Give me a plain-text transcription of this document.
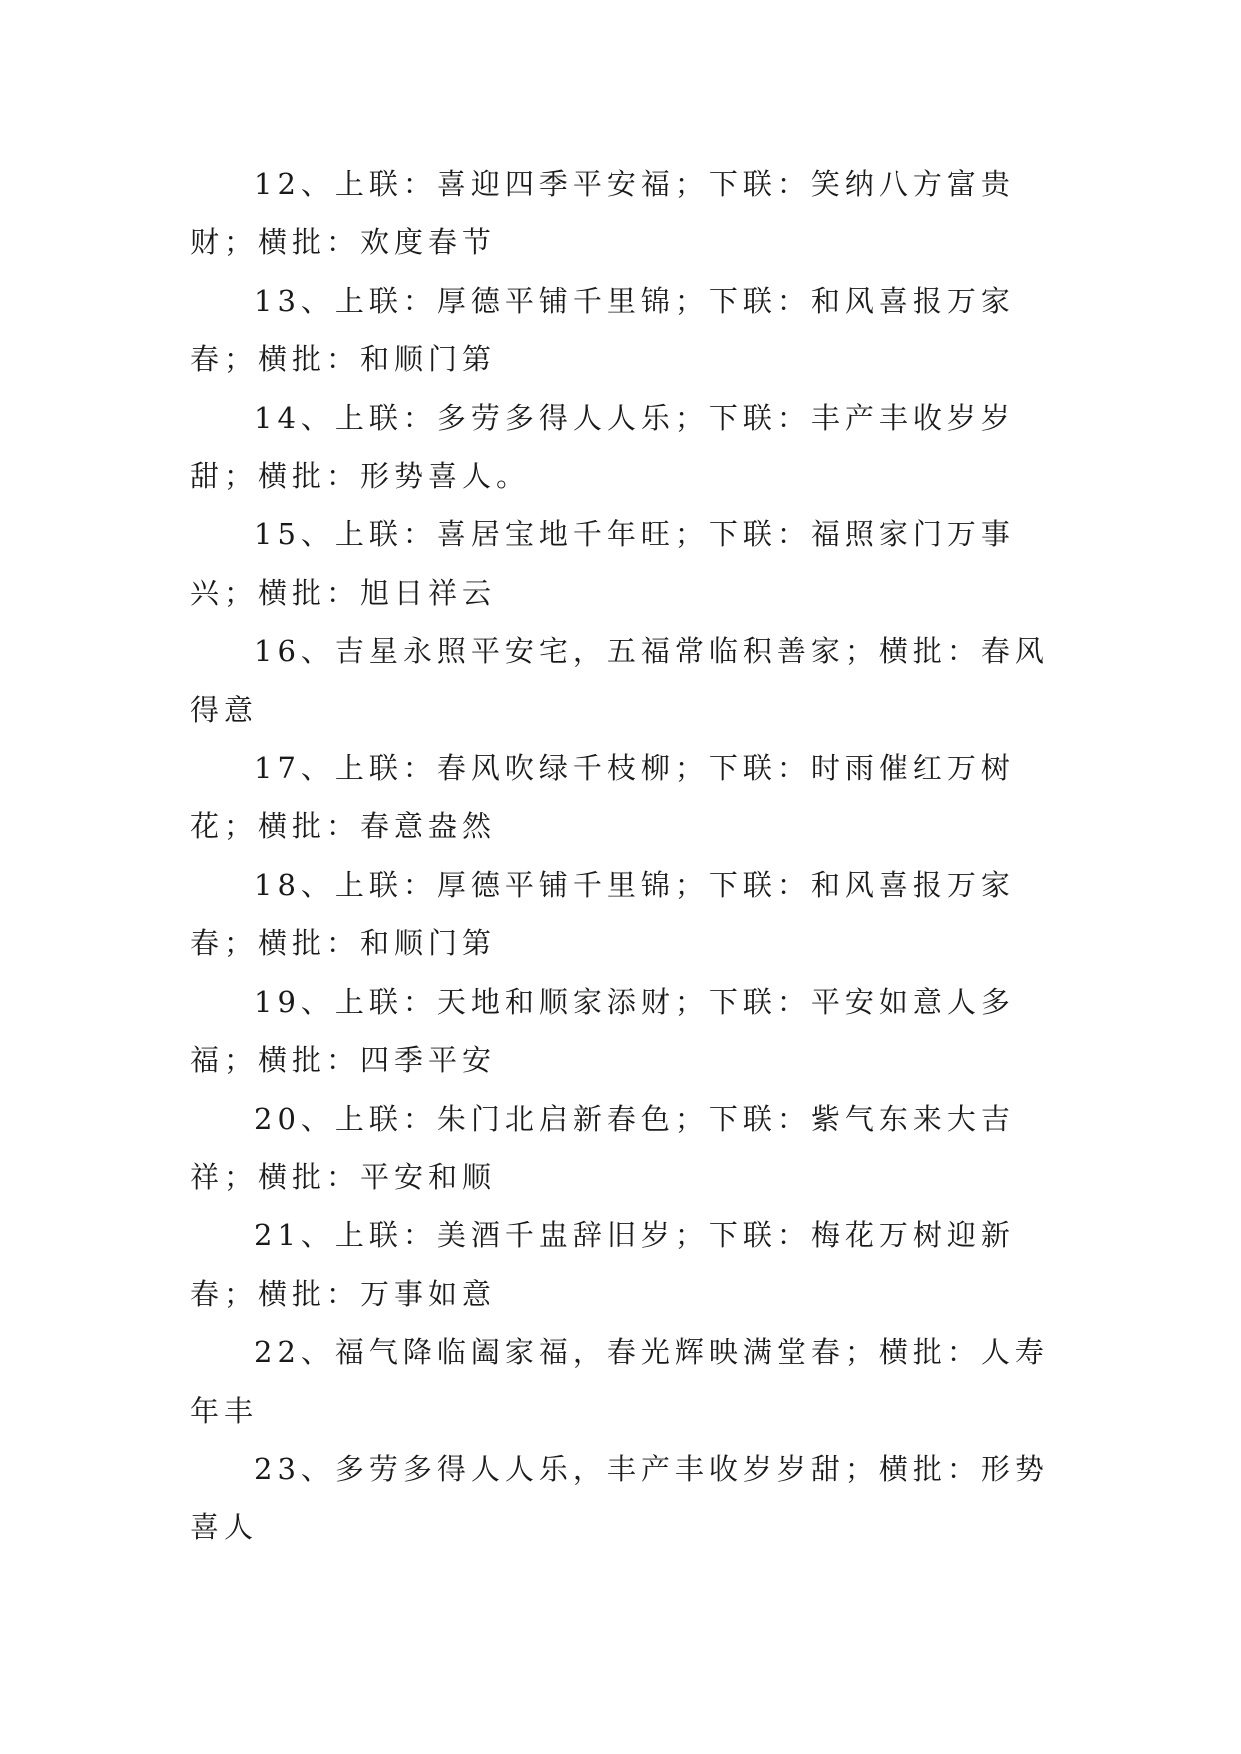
12、上联：喜迎四季平安福；下联：笑纳八方富贵财；横批：欢度春节

13、上联：厚德平铺千里锦；下联：和风喜报万家春；横批：和顺门第

14、上联：多劳多得人人乐；下联：丰产丰收岁岁甜；横批：形势喜人。

15、上联：喜居宝地千年旺；下联：福照家门万事兴；横批：旭日祥云

16、吉星永照平安宅，五福常临积善家；横批：春风得意

17、上联：春风吹绿千枝柳；下联：时雨催红万树花；横批：春意盎然

18、上联：厚德平铺千里锦；下联：和风喜报万家春；横批：和顺门第

19、上联：天地和顺家添财；下联：平安如意人多福；横批：四季平安

20、上联：朱门北启新春色；下联：紫气东来大吉祥；横批：平安和顺

21、上联：美酒千盅辞旧岁；下联：梅花万树迎新春；横批：万事如意

22、福气降临阖家福，春光辉映满堂春；横批：人寿年丰

23、多劳多得人人乐，丰产丰收岁岁甜；横批：形势喜人
